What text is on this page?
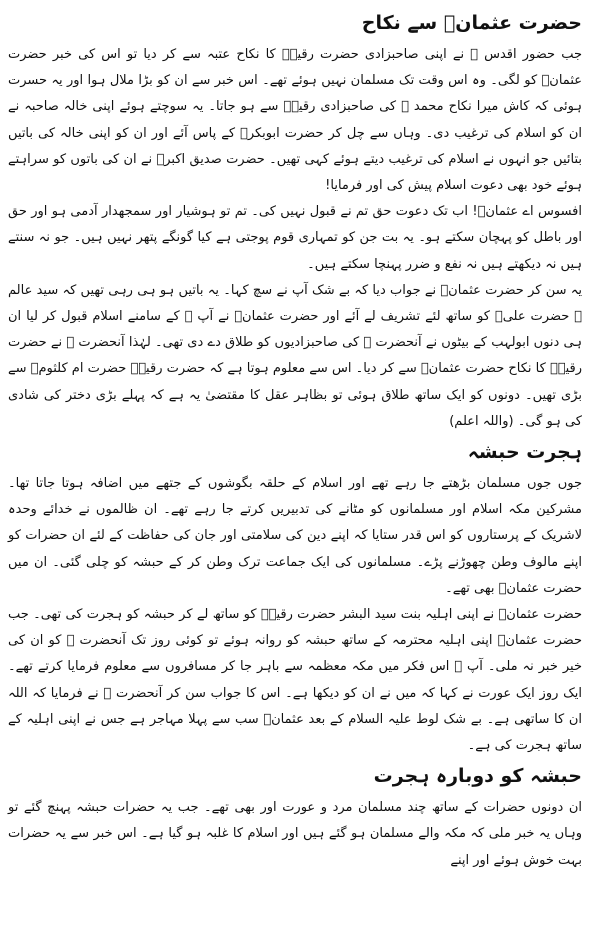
حضرت عثمانؓ سے نکاح

جب حضور اقدس ﷺ نے اپنی صاحبزادی حضرت رقیہؓ کا نکاح عتبہ سے کر دیا تو اس کی خبر حضرت عثمانؓ کو لگی۔ وہ اس وقت تک مسلمان نہیں ہوئے تھے۔ اس خبر سے ان کو بڑا ملال ہوا اور یہ حسرت ہوئی کہ کاش میرا نکاح محمد ﷺ کی صاحبزادی رقیہؓ سے ہو جاتا۔ یہ سوچتے ہوئے اپنی خالہ صاحبہ نے ان کو اسلام کی ترغیب دی۔ وہاں سے چل کر حضرت ابوبکرؓ کے پاس آئے اور ان کو اپنی خالہ کی باتیں بتائیں جو انہوں نے اسلام کی ترغیب دیتے ہوئے کہی تھیں۔ حضرت صدیق اکبرؓ نے ان کی باتوں کو سراہتے ہوئے خود بھی دعوت اسلام پیش کی اور فرمایا!

افسوس اے عثمانؓ! اب تک دعوت حق تم نے قبول نہیں کی۔ تم تو ہوشیار اور سمجھدار آدمی ہو اور حق اور باطل کو پہچان سکتے ہو۔ یہ بت جن کو تمہاری قوم پوجتی ہے کیا گونگے پتھر نہیں ہیں۔ جو نہ سنتے ہیں نہ دیکھتے ہیں نہ نفع و ضرر پہنچا سکتے ہیں۔

یہ سن کر حضرت عثمانؓ نے جواب دیا کہ بے شک آپ نے سچ کہا۔ یہ باتیں ہو ہی رہی تھیں کہ سید عالم ﷺ حضرت علیؓ کو ساتھ لئے تشریف لے آئے اور حضرت عثمانؓ نے آپ ﷺ کے سامنے اسلام قبول کر لیا ان ہی دنوں ابولہب کے بیٹوں نے آنحضرت ﷺ کی صاحبزادیوں کو طلاق دے دی تھی۔ لہٰذا آنحضرت ﷺ نے حضرت رقیہؓ کا نکاح حضرت عثمانؓ سے کر دیا۔ اس سے معلوم ہوتا ہے کہ حضرت رقیہؓ حضرت ام کلثومؓ سے بڑی تھیں۔ دونوں کو ایک ساتھ طلاق ہوئی تو بظاہر عقل کا مقتضیٰ یہ ہے کہ پہلے بڑی دختر کی شادی کی ہو گی۔ (واللہ اعلم)

ہجرت حبشہ

جوں جوں مسلمان بڑھتے جا رہے تھے اور اسلام کے حلقہ بگوشوں کے جتھے میں اضافہ ہوتا جاتا تھا۔ مشرکین مکہ اسلام اور مسلمانوں کو مٹانے کی تدبیریں کرتے جا رہے تھے۔ ان ظالموں نے خدائے وحدہ لاشریک کے پرستاروں کو اس قدر ستایا کہ اپنے دین کی سلامتی اور جان کی حفاظت کے لئے ان حضرات کو اپنے مالوف وطن چھوڑنے پڑے۔ مسلمانوں کی ایک جماعت ترک وطن کر کے حبشہ کو چلی گئی۔ ان میں حضرت عثمانؓ بھی تھے۔

حضرت عثمانؓ نے اپنی اہلیہ بنت سید البشر حضرت رقیہؓ کو ساتھ لے کر حبشہ کو ہجرت کی تھی۔ جب حضرت عثمانؓ اپنی اہلیہ محترمہ کے ساتھ حبشہ کو روانہ ہوئے تو کوئی روز تک آنحضرت ﷺ کو ان کی خیر خبر نہ ملی۔ آپ ﷺ اس فکر میں مکہ معظمہ سے باہر جا کر مسافروں سے معلوم فرمایا کرتے تھے۔ ایک روز ایک عورت نے کہا کہ میں نے ان کو دیکھا ہے۔ اس کا جواب سن کر آنحضرت ﷺ نے فرمایا کہ اللہ ان کا ساتھی ہے۔ بے شک لوط علیہ السلام کے بعد عثمانؓ سب سے پہلا مہاجر ہے جس نے اپنی اہلیہ کے ساتھ ہجرت کی ہے۔

حبشہ کو دوبارہ ہجرت

ان دونوں حضرات کے ساتھ چند مسلمان مرد و عورت اور بھی تھے۔ جب یہ حضرات حبشہ پہنچ گئے تو وہاں یہ خبر ملی کہ مکہ والے مسلمان ہو گئے ہیں اور اسلام کا غلبہ ہو گیا ہے۔ اس خبر سے یہ حضرات بہت خوش ہوئے اور اپنے
